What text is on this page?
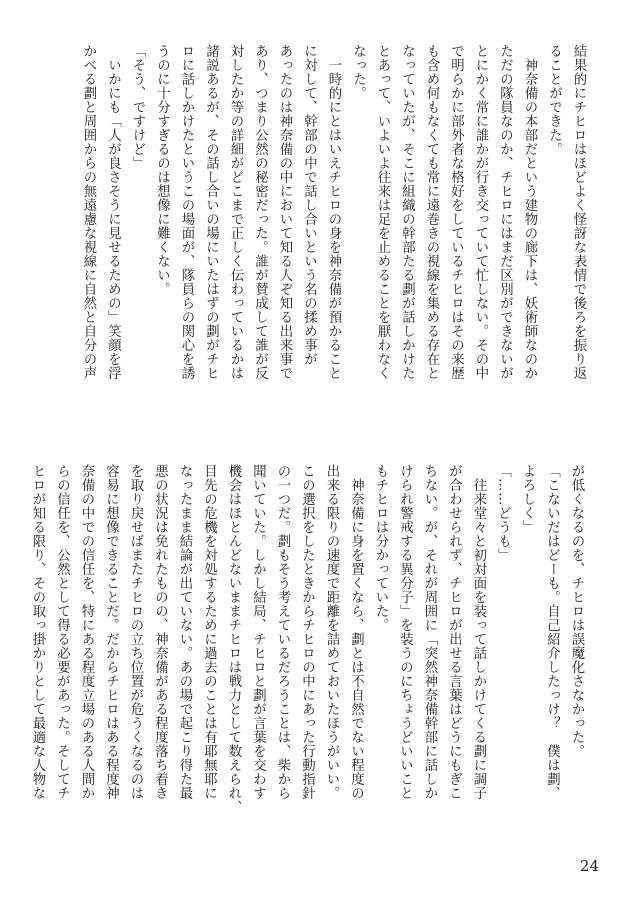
結果的にチヒロはほどよく怪訝な表情で後ろを振り返

ることができた。

　神奈備の本部だという建物の廊下は、妖術師なのか

ただの隊員なのか、チヒロにはまだ区別ができないが

とにかく常に誰かが行き交っていて忙しない。その中

で明らかに部外者な格好をしているチヒロはその来歴

も含め何もなくても常に遠巻きの視線を集める存在と

なっていたが、そこに組織の幹部たる劃が話しかけた

とあって、いよいよ往来は足を止めることを厭わなく

なった。

　一時的にとはいえチヒロの身を神奈備が預かること

に対して、幹部の中で話し合いという名の揉め事が

あったのは神奈備の中において知る人ぞ知る出来事で

あり、つまり公然の秘密だった。誰が賛成して誰が反

対したか等の詳細がどこまで正しく伝わっているかは

諸説あるが、その話し合いの場にいたはずの劃がチヒ

ロに話しかけたというこの場面が、隊員らの関心を誘

うのに十分すぎるのは想像に難くない。

「そう、ですけど」

　いかにも「人が良さそうに見せるための」笑顔を浮

かべる劃と周囲からの無遠慮な視線に自然と自分の声

が低くなるのを、チヒロは誤魔化さなかった。

「こないだはどーも。自己紹介したっけ？　僕は劃、

よろしく」

「……どうも」

　往来堂々と初対面を装って話しかけてくる劃に調子

が合わせられず、チヒロが出せる言葉はどうにもぎこ

ちない。が、それが周囲に「突然神奈備幹部に話しか

けられ警戒する異分子」を装うのにちょうどいいこと

もチヒロは分かっていた。

　神奈備に身を置くなら、劃とは不自然でない程度の

出来る限りの速度で距離を詰めておいたほうがいい。

この選択をしたときからチヒロの中にあった行動指針

の一つだ。劃もそう考えているだろうことは、柴から

聞いていた。しかし結局、チヒロと劃が言葉を交わす

機会はほとんどないままチヒロは戦力として数えられ、

目先の危機を対処するために過去のことは有耶無耶に

なったまま結論が出ていない。あの場で起こり得た最

悪の状況は免れたものの、神奈備がある程度落ち着き

を取り戻せばまたチヒロの立ち位置が危うくなるのは

容易に想像できることだ。だからチヒロはある程度神

奈備の中での信任を、特にある程度立場のある人間か

らの信任を、公然として得る必要があった。そしてチ

ヒロが知る限り、その取っ掛かりとして最適な人物な

24
